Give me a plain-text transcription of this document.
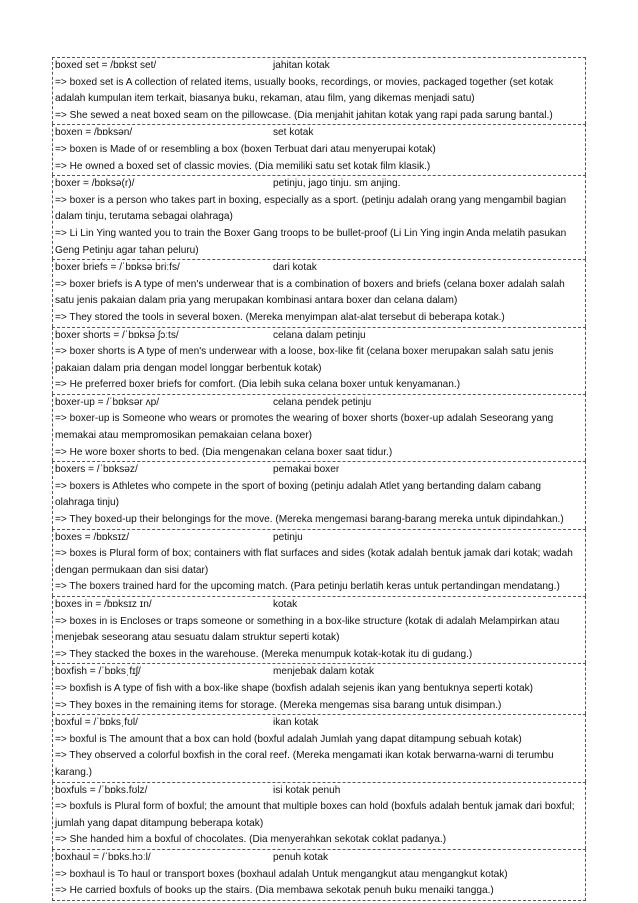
boxed set = /bɒkst set/	jahitan kotak
=> boxed set is A collection of related items, usually books, recordings, or movies, packaged together (set kotak adalah kumpulan item terkait, biasanya buku, rekaman, atau film, yang dikemas menjadi satu)
=> She sewed a neat boxed seam on the pillowcase. (Dia menjahit jahitan kotak yang rapi pada sarung bantal.)
boxen = /bɒksən/	set kotak
=> boxen is Made of or resembling a box (boxen Terbuat dari atau menyerupai kotak)
=> He owned a boxed set of classic movies. (Dia memiliki satu set kotak film klasik.)
boxer = /bɒksə(r)/	petinju, jago tinju. sm anjing.
=> boxer is a person who takes part in boxing, especially as a sport. (petinju adalah orang yang mengambil bagian dalam tinju, terutama sebagai olahraga)
=> Li Lin Ying wanted you to train the Boxer Gang troops to be bullet-proof (Li Lin Ying ingin Anda melatih pasukan Geng Petinju agar tahan peluru)
boxer briefs = /ˈbɒksə briːfs/	dari kotak
=> boxer briefs is A type of men's underwear that is a combination of boxers and briefs (celana boxer adalah salah satu jenis pakaian dalam pria yang merupakan kombinasi antara boxer dan celana dalam)
=> They stored the tools in several boxen. (Mereka menyimpan alat-alat tersebut di beberapa kotak.)
boxer shorts = /ˈbɒksə ʃɔːts/	celana dalam petinju
=> boxer shorts is A type of men's underwear with a loose, box-like fit (celana boxer merupakan salah satu jenis pakaian dalam pria dengan model longgar berbentuk kotak)
=> He preferred boxer briefs for comfort. (Dia lebih suka celana boxer untuk kenyamanan.)
boxer-up = /ˈbɒksər ʌp/	celana pendek petinju
=> boxer-up is Someone who wears or promotes the wearing of boxer shorts (boxer-up adalah Seseorang yang memakai atau mempromosikan pemakaian celana boxer)
=> He wore boxer shorts to bed. (Dia mengenakan celana boxer saat tidur.)
boxers = /ˈbɒksəz/	pemakai boxer
=> boxers is Athletes who compete in the sport of boxing (petinju adalah Atlet yang bertanding dalam cabang olahraga tinju)
=> They boxed-up their belongings for the move. (Mereka mengemasi barang-barang mereka untuk dipindahkan.)
boxes = /bɒksɪz/	petinju
=> boxes is Plural form of box; containers with flat surfaces and sides (kotak adalah bentuk jamak dari kotak; wadah dengan permukaan dan sisi datar)
=> The boxers trained hard for the upcoming match. (Para petinju berlatih keras untuk pertandingan mendatang.)
boxes in = /bɒksɪz ɪn/	kotak
=> boxes in is Encloses or traps someone or something in a box-like structure (kotak di adalah Melampirkan atau menjebak seseorang atau sesuatu dalam struktur seperti kotak)
=> They stacked the boxes in the warehouse. (Mereka menumpuk kotak-kotak itu di gudang.)
boxfish = /ˈbɒksˌfɪʃ/	menjebak dalam kotak
=> boxfish is A type of fish with a box-like shape (boxfish adalah sejenis ikan yang bentuknya seperti kotak)
=> They boxes in the remaining items for storage. (Mereka mengemas sisa barang untuk disimpan.)
boxful = /ˈbɒksˌfʊl/	ikan kotak
=> boxful is The amount that a box can hold (boxful adalah Jumlah yang dapat ditampung sebuah kotak)
=> They observed a colorful boxfish in the coral reef. (Mereka mengamati ikan kotak berwarna-warni di terumbu karang.)
boxfuls = /ˈbɒks.fʊlz/	isi kotak penuh
=> boxfuls is Plural form of boxful; the amount that multiple boxes can hold (boxfuls adalah bentuk jamak dari boxful; jumlah yang dapat ditampung beberapa kotak)
=> She handed him a boxful of chocolates. (Dia menyerahkan sekotak coklat padanya.)
boxhaul = /ˈbɒks.hɔːl/	penuh kotak
=> boxhaul is To haul or transport boxes (boxhaul adalah Untuk mengangkut atau mengangkut kotak)
=> He carried boxfuls of books up the stairs. (Dia membawa sekotak penuh buku menaiki tangga.)
